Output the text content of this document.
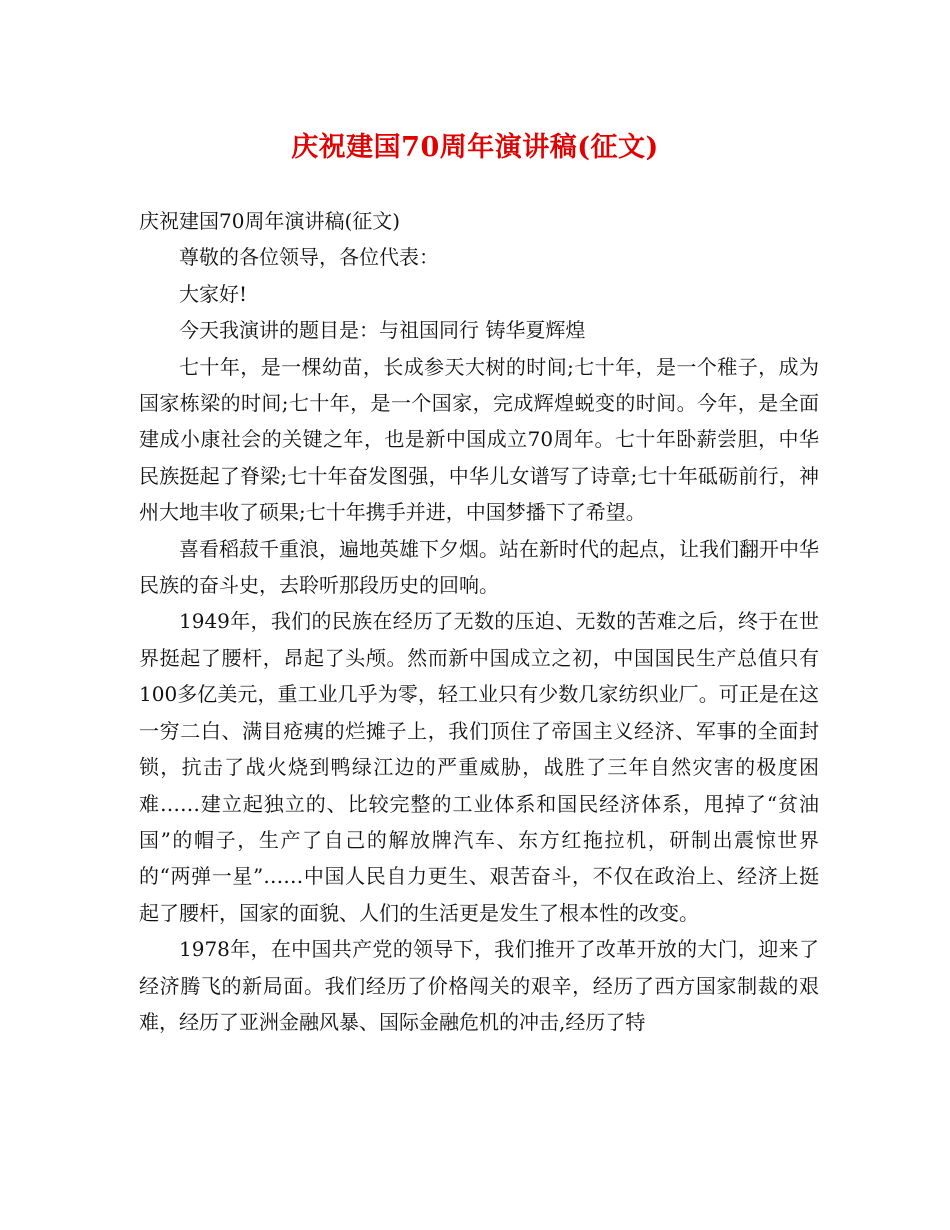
庆祝建国70周年演讲稿(征文)

庆祝建国70周年演讲稿(征文)

尊敬的各位领导，各位代表：

大家好!

今天我演讲的题目是：与祖国同行 铸华夏辉煌

七十年，是一棵幼苗，长成参天大树的时间;七十年，是一个稚子，成为国家栋梁的时间;七十年，是一个国家，完成辉煌蜕变的时间。今年，是全面建成小康社会的关键之年，也是新中国成立70周年。七十年卧薪尝胆，中华民族挺起了脊梁;七十年奋发图强，中华儿女谱写了诗章;七十年砥砺前行，神州大地丰收了硕果;七十年携手并进，中国梦播下了希望。

喜看稻菽千重浪，遍地英雄下夕烟。站在新时代的起点，让我们翻开中华民族的奋斗史，去聆听那段历史的回响。

1949年，我们的民族在经历了无数的压迫、无数的苦难之后，终于在世界挺起了腰杆，昂起了头颅。然而新中国成立之初，中国国民生产总值只有100多亿美元，重工业几乎为零，轻工业只有少数几家纺织业厂。可正是在这一穷二白、满目疮痍的烂摊子上，我们顶住了帝国主义经济、军事的全面封锁，抗击了战火烧到鸭绿江边的严重威胁，战胜了三年自然灾害的极度困难……建立起独立的、比较完整的工业体系和国民经济体系，甩掉了“贫油国”的帽子，生产了自己的解放牌汽车、东方红拖拉机，研制出震惊世界的“两弹一星”……中国人民自力更生、艰苦奋斗，不仅在政治上、经济上挺起了腰杆，国家的面貌、人们的生活更是发生了根本性的改变。

1978年，在中国共产党的领导下，我们推开了改革开放的大门，迎来了经济腾飞的新局面。我们经历了价格闯关的艰辛，经历了西方国家制裁的艰难，经历了亚洲金融风暴、国际金融危机的冲击,经历了特
